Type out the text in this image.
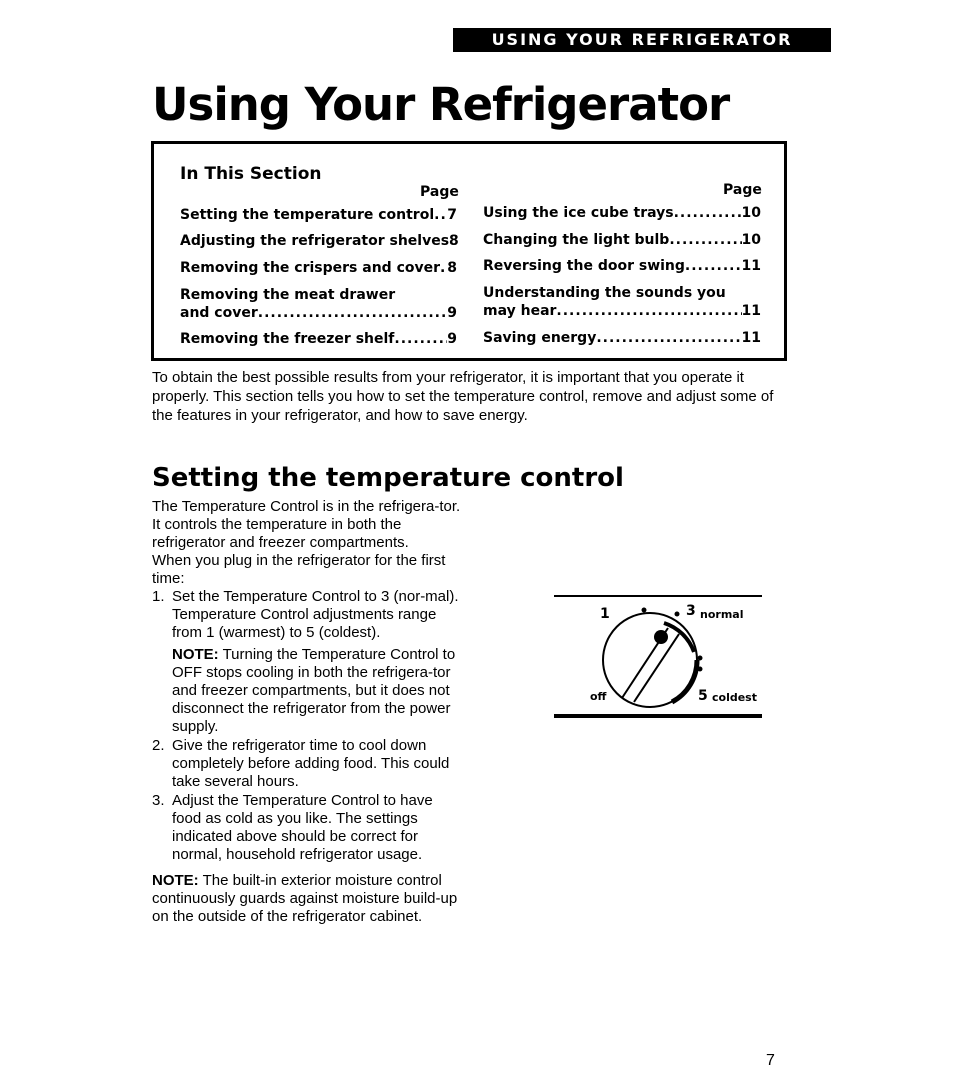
USING YOUR REFRIGERATOR
Using Your Refrigerator
In This Section
Page	Page
Setting the temperature control ..... 7
Adjusting the refrigerator shelves 8
Removing the crispers and cover ..... 8
Removing the meat drawer
and cover .....	9
Removing the freezer shelf .....	9
Using the ice cube trays .....	10
Changing the light bulb .....	10
Reversing the door swing .....	11
Understanding the sounds you
may hear .....	11
Saving energy .....	11

To obtain the best possible results from your refrigerator, it is important that you operate it properly. This section tells you how to set the temperature control, remove and adjust some of the features in your refrigerator, and how to save energy.

Setting the temperature control

The Temperature Control is in the refrigera-tor. It controls the temperature in both the refrigerator and freezer compartments.

When you plug in the refrigerator for the first time:

1. Set the Temperature Control to 3 (nor-mal). Temperature Control adjustments range from 1 (warmest) to 5 (coldest).
NOTE: Turning the Temperature Control to OFF stops cooling in both the refrigera-tor and freezer compartments, but it does not disconnect the refrigerator from the power supply.
2. Give the refrigerator time to cool down completely before adding food. This could take several hours.
3. Adjust the Temperature Control to have food as cold as you like. The settings indicated above should be correct for normal, household refrigerator usage.

NOTE: The built-in exterior moisture control continuously guards against moisture build-up on the outside of the refrigerator cabinet.

1	3 normal
off	5 coldest
7
